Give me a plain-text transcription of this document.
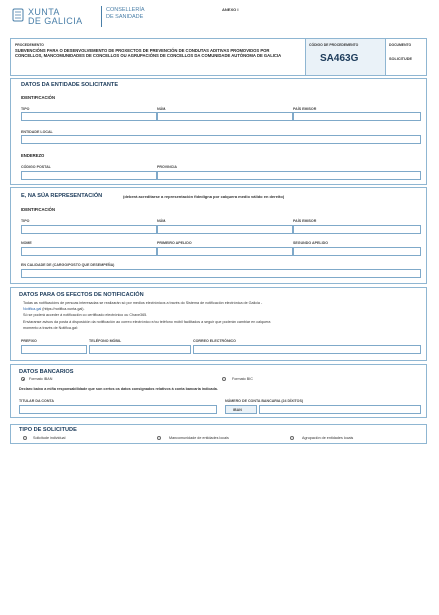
XUNTA
DE GALICIA
CONSELLERÍA
DE SANIDADE
ANEXO I
PROCEDEMENTO
SUBVENCIÓNS PARA O DESENVOLVEMENTO DE PROXECTOS DE PREVENCIÓN DE CONDUTAS ADITIVAS PROMOVIDOS POR CONCELLOS, MANCOMUNIDADES DE CONCELLOS OU AGRUPACIÓNS DE CONCELLOS DA COMUNIDADE AUTÓNOMA DE GALICIA
CÓDIGO DE PROCEDEMENTO
SA463G
DOCUMENTO
SOLICITUDE
DATOS DA ENTIDADE SOLICITANTE
IDENTIFICACIÓN
TIPO	NÚM.	PAÍS EMISOR
ENTIDADE LOCAL
ENDEREZO
CÓDIGO POSTAL	PROVINCIA
E, NA SÚA REPRESENTACIÓN	(deberá acreditarse a representación fidedigna por calquera medio válido en dereito)
IDENTIFICACIÓN
TIPO	NÚM.	PAÍS EMISOR
NOME	PRIMEIRO APELIDO	SEGUNDO APELIDO
EN CALIDADE DE (CARGO/POSTO QUE DESEMPEÑA)
DATOS PARA OS EFECTOS DE NOTIFICACIÓN
Todas as notificacións de persoas interesadas se realizarán só por medios electrónicos a través do Sistema de notificación electrónica de Galicia -
Notifica.gal (https://notifica.xunta.gal).
Só se poderá acceder á notificación co certificado electrónico ou Chave365.
Enviaranse avisos da posta á disposición da notificación ao correo electrónico e/ou teléfono móbil facilitados a seguir que poderán cambiar en calquera
momento a través de Notifica.gal:
PREFIXO	TELÉFONO MÓBIL	CORREO ELECTRÓNICO
DATOS BANCARIOS
Formato IBAN	Formato BIC
Declaro baixo a miña responsabilidade que son certos os datos consignados relativos á conta bancaria indicada.
TITULAR DA CONTA	NÚMERO DE CONTA BANCARIA (24 DÍXITOS)
IBAN
TIPO DE SOLICITUDE
Solicitude individual	Mancomunidade de entidades locais	Agrupación de entidades locais
